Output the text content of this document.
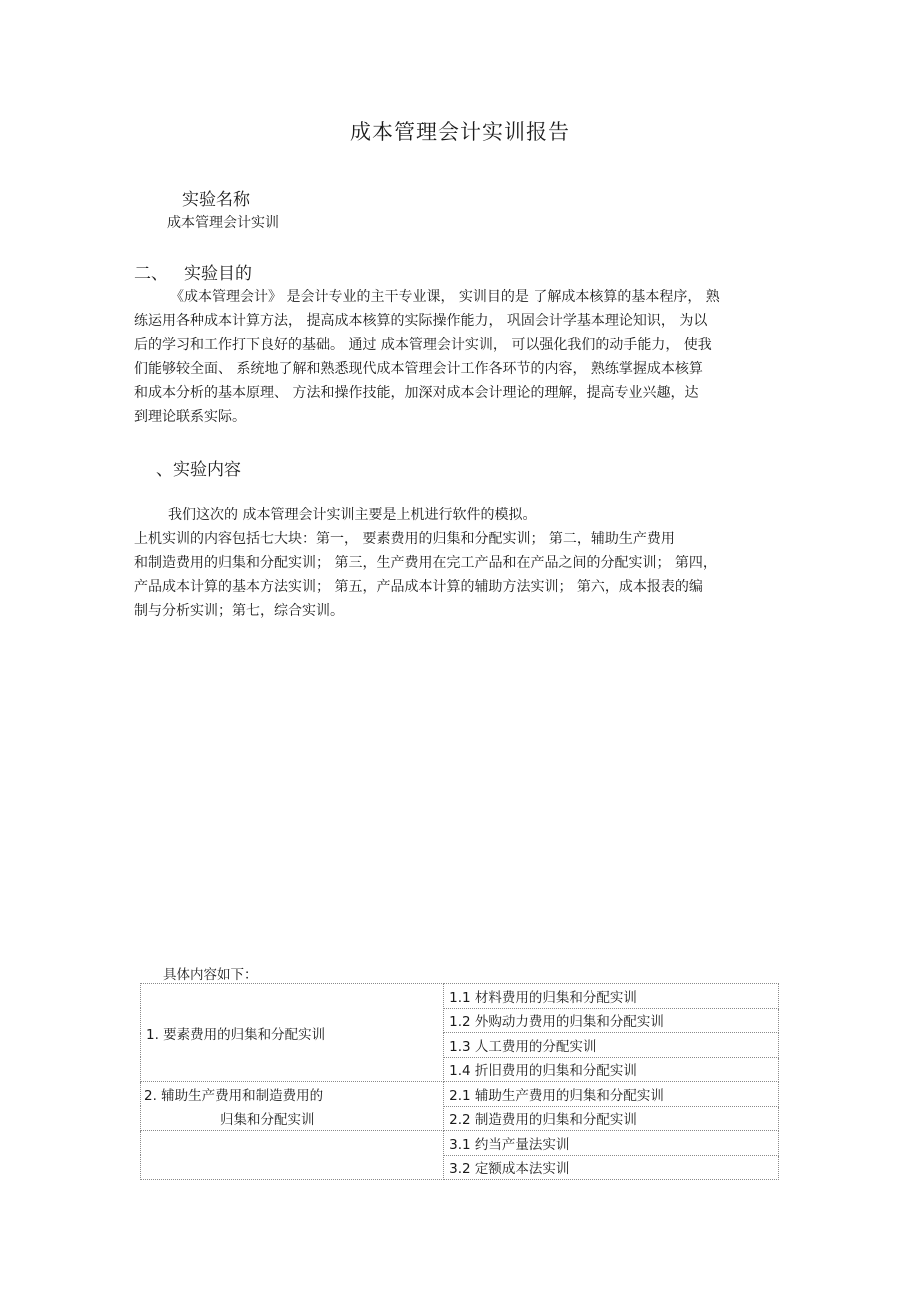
成本管理会计实训报告
实验名称
成本管理会计实训
二、 实验目的
《成本管理会计》 是会计专业的主干专业课， 实训目的是 了解成本核算的基本程序， 熟
练运用各种成本计算方法， 提高成本核算的实际操作能力， 巩固会计学基本理论知识， 为以
后的学习和工作打下良好的基础。 通过 成本管理会计实训， 可以强化我们的动手能力， 使我
们能够较全面、 系统地了解和熟悉现代成本管理会计工作各环节的内容， 熟练掌握成本核算
和成本分析的基本原理、 方法和操作技能，加深对成本会计理论的理解，提高专业兴趣，达
到理论联系实际。
、实验内容
我们这次的 成本管理会计实训主要是上机进行软件的模拟。
上机实训的内容包括七大块：第一， 要素费用的归集和分配实训； 第二，辅助生产费用
和制造费用的归集和分配实训； 第三，生产费用在完工产品和在产品之间的分配实训； 第四，
产品成本计算的基本方法实训； 第五，产品成本计算的辅助方法实训； 第六，成本报表的编
制与分析实训；第七，综合实训。
具体内容如下：
1. 要素费用的归集和分配实训	1.1 材料费用的归集和分配实训
	1.2 外购动力费用的归集和分配实训
	1.3 人工费用的分配实训
	1.4 折旧费用的归集和分配实训

2. 辅助生产费用和制造费用的
归集和分配实训	2.1 辅助生产费用的归集和分配实训
	2.2 制造费用的归集和分配实训
	3.1 约当产量法实训
	3.2 定额成本法实训
